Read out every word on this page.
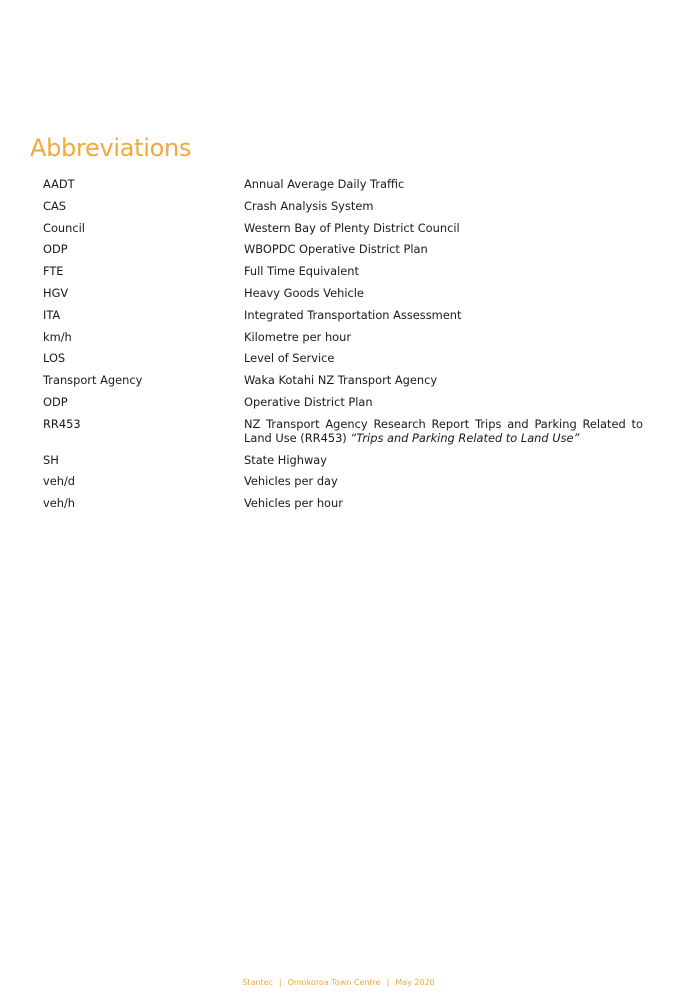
Abbreviations
AADT	Annual Average Daily Traffic
CAS	Crash Analysis System
Council	Western Bay of Plenty District Council
ODP	WBOPDC Operative District Plan
FTE	Full Time Equivalent
HGV	Heavy Goods Vehicle
ITA	Integrated Transportation Assessment
km/h	Kilometre per hour
LOS	Level of Service
Transport Agency	Waka Kotahi NZ Transport Agency
ODP	Operative District Plan
RR453	NZ Transport Agency Research Report Trips and Parking Related to Land Use (RR453) “Trips and Parking Related to Land Use”
SH	State Highway
veh/d	Vehicles per day
veh/h	Vehicles per hour
Stantec | Omokoroa Town Centre | May 2020
